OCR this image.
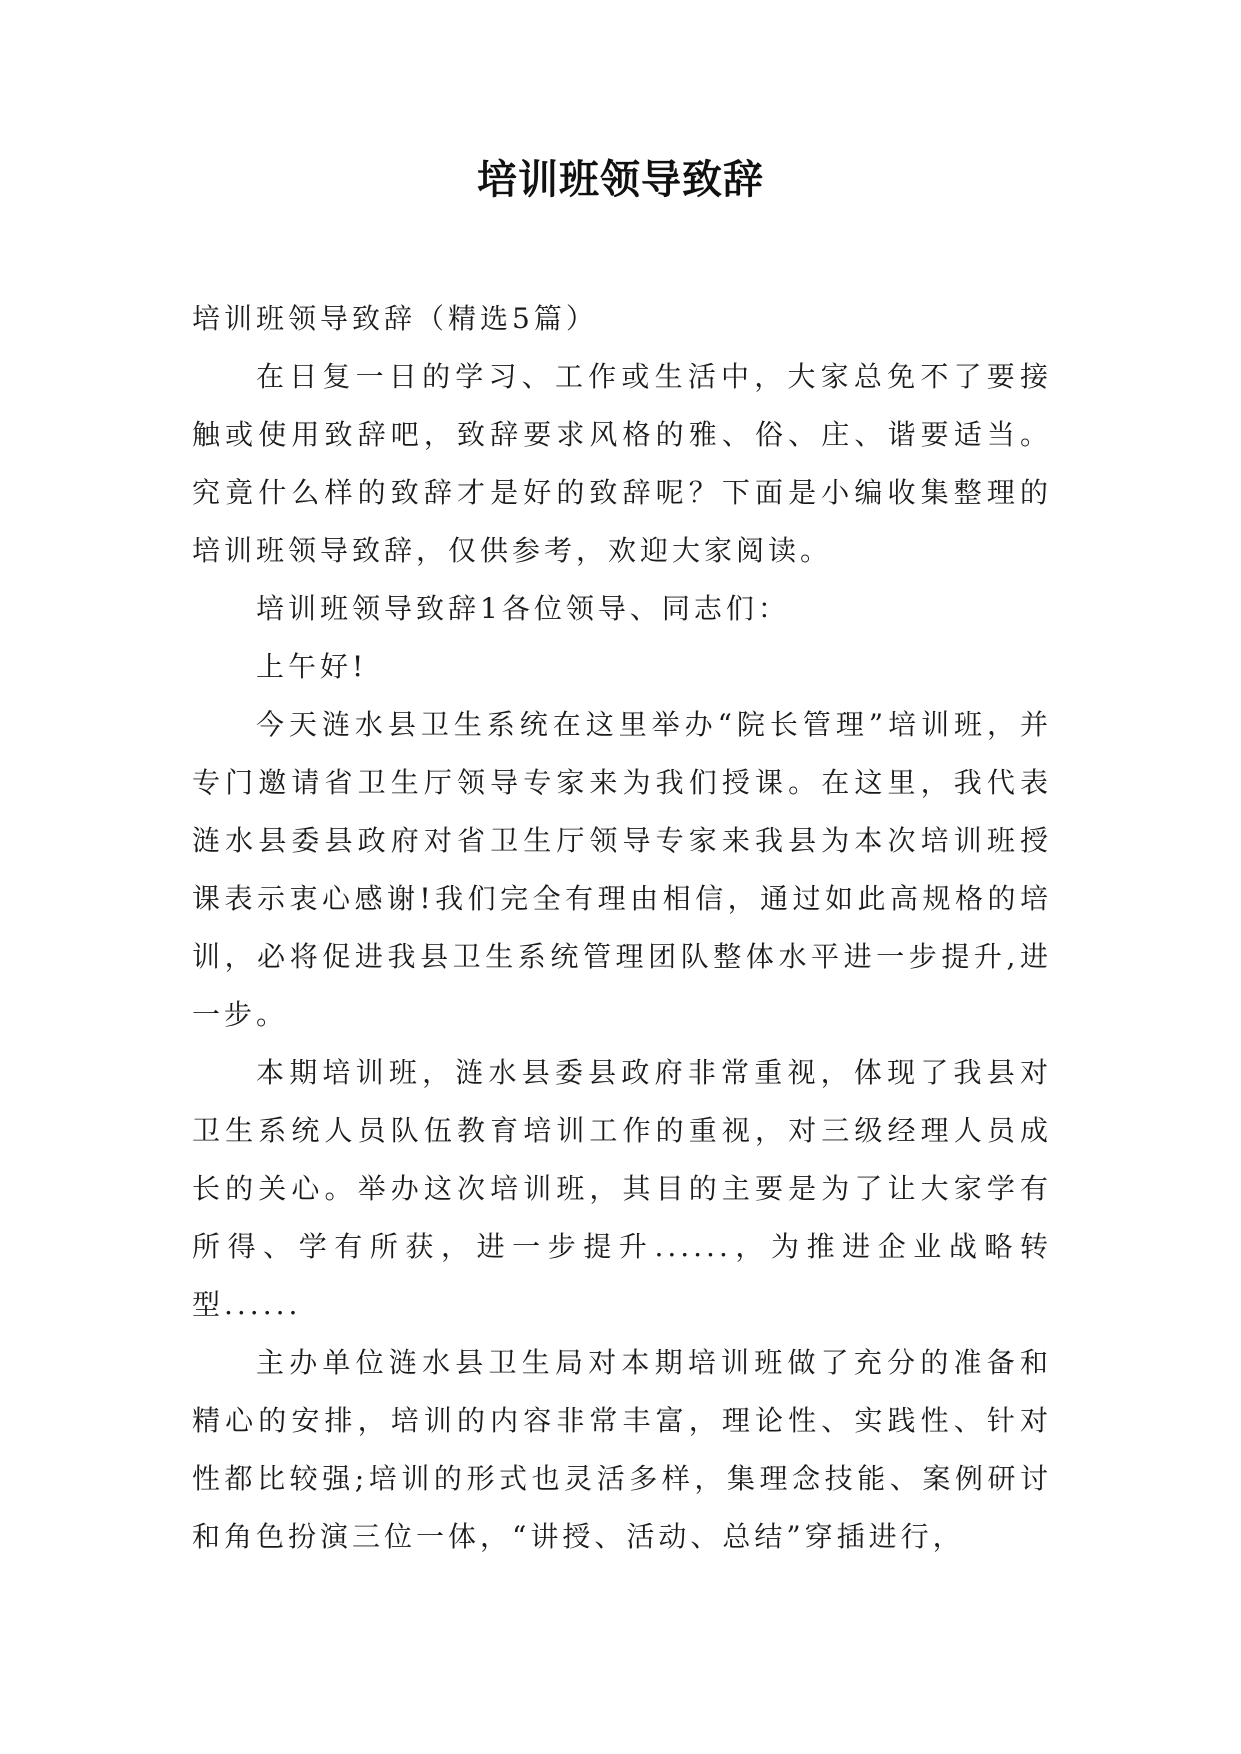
培训班领导致辞

培训班领导致辞（精选5篇）

在日复一日的学习、工作或生活中，大家总免不了要接触或使用致辞吧，致辞要求风格的雅、俗、庄、谐要适当。究竟什么样的致辞才是好的致辞呢？下面是小编收集整理的培训班领导致辞，仅供参考，欢迎大家阅读。

培训班领导致辞1各位领导、同志们：

上午好!

今天涟水县卫生系统在这里举办“院长管理”培训班，并专门邀请省卫生厅领导专家来为我们授课。在这里，我代表涟水县委县政府对省卫生厅领导专家来我县为本次培训班授课表示衷心感谢!我们完全有理由相信，通过如此高规格的培训，必将促进我县卫生系统管理团队整体水平进一步提升,进一步。

本期培训班，涟水县委县政府非常重视，体现了我县对卫生系统人员队伍教育培训工作的重视，对三级经理人员成长的关心。举办这次培训班，其目的主要是为了让大家学有所得、学有所获，进一步提升......，为推进企业战略转型......

主办单位涟水县卫生局对本期培训班做了充分的准备和精心的安排，培训的内容非常丰富，理论性、实践性、针对性都比较强;培训的形式也灵活多样，集理念技能、案例研讨和角色扮演三位一体，“讲授、活动、总结”穿插进行，
